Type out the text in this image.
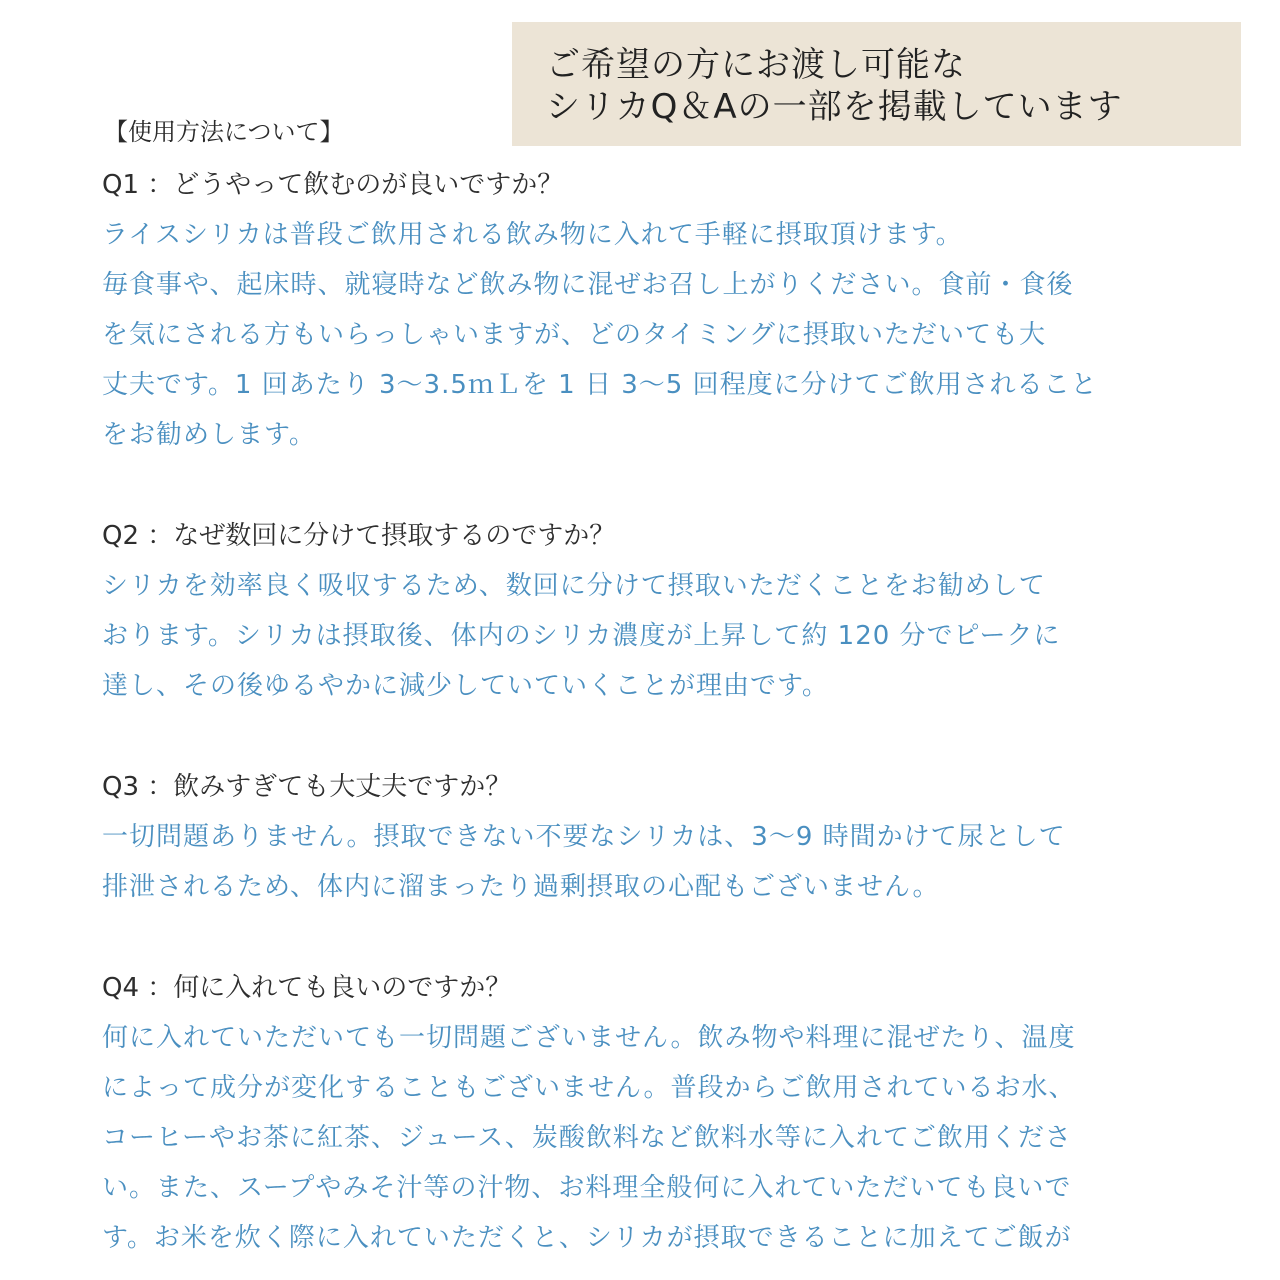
ご希望の方にお渡し可能な
シリカQ＆Aの一部を掲載しています
【使用方法について】
Q1 ：どうやって飲むのが良いですか？
ライスシリカは普段ご飲用される飲み物に入れて手軽に摂取頂けます。
毎食事や、起床時、就寝時など飲み物に混ぜお召し上がりください。食前・食後
を気にされる方もいらっしゃいますが、どのタイミングに摂取いただいても大
丈夫です。1 回あたり 3～3.5ｍＬを 1 日 3～5 回程度に分けてご飲用されること
をお勧めします。
Q2 ：なぜ数回に分けて摂取するのですか？
シリカを効率良く吸収するため、数回に分けて摂取いただくことをお勧めして
おります。シリカは摂取後、体内のシリカ濃度が上昇して約 120 分でピークに
達し、その後ゆるやかに減少していていくことが理由です。
Q3 ：飲みすぎても大丈夫ですか？
一切問題ありません。摂取できない不要なシリカは、3～9 時間かけて尿として
排泄されるため、体内に溜まったり過剰摂取の心配もございません。
Q4 ：何に入れても良いのですか？
何に入れていただいても一切問題ございません。飲み物や料理に混ぜたり、温度
によって成分が変化することもございません。普段からご飲用されているお水、
コーヒーやお茶に紅茶、ジュース、炭酸飲料など飲料水等に入れてご飲用くださ
い。また、スープやみそ汁等の汁物、お料理全般何に入れていただいても良いで
す。お米を炊く際に入れていただくと、シリカが摂取できることに加えてご飯が
